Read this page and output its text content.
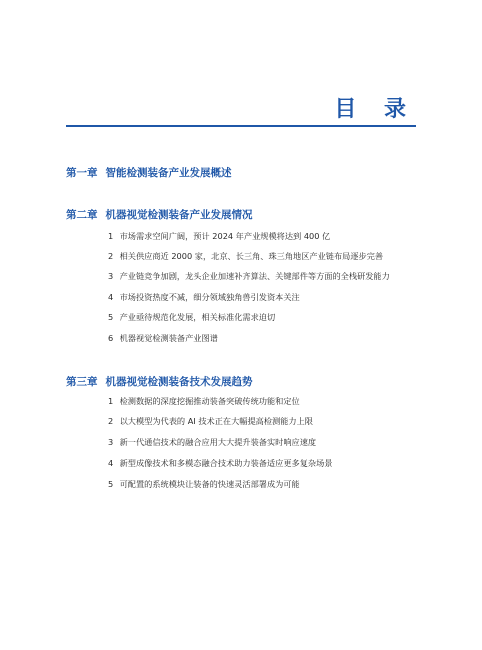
目 录
第一章 智能检测装备产业发展概述
第二章 机器视觉检测装备产业发展情况
1 市场需求空间广阔，预计 2024 年产业规模将达到 400 亿
2 相关供应商近 2000 家，北京、长三角、珠三角地区产业链布局逐步完善
3 产业链竞争加剧，龙头企业加速补齐算法、关键部件等方面的全栈研发能力
4 市场投资热度不减，细分领域独角兽引发资本关注
5 产业亟待规范化发展，相关标准化需求迫切
6 机器视觉检测装备产业图谱
第三章 机器视觉检测装备技术发展趋势
1 检测数据的深度挖掘推动装备突破传统功能和定位
2 以大模型为代表的 AI 技术正在大幅提高检测能力上限
3 新一代通信技术的融合应用大大提升装备实时响应速度
4 新型成像技术和多模态融合技术助力装备适应更多复杂场景
5 可配置的系统模块让装备的快速灵活部署成为可能
